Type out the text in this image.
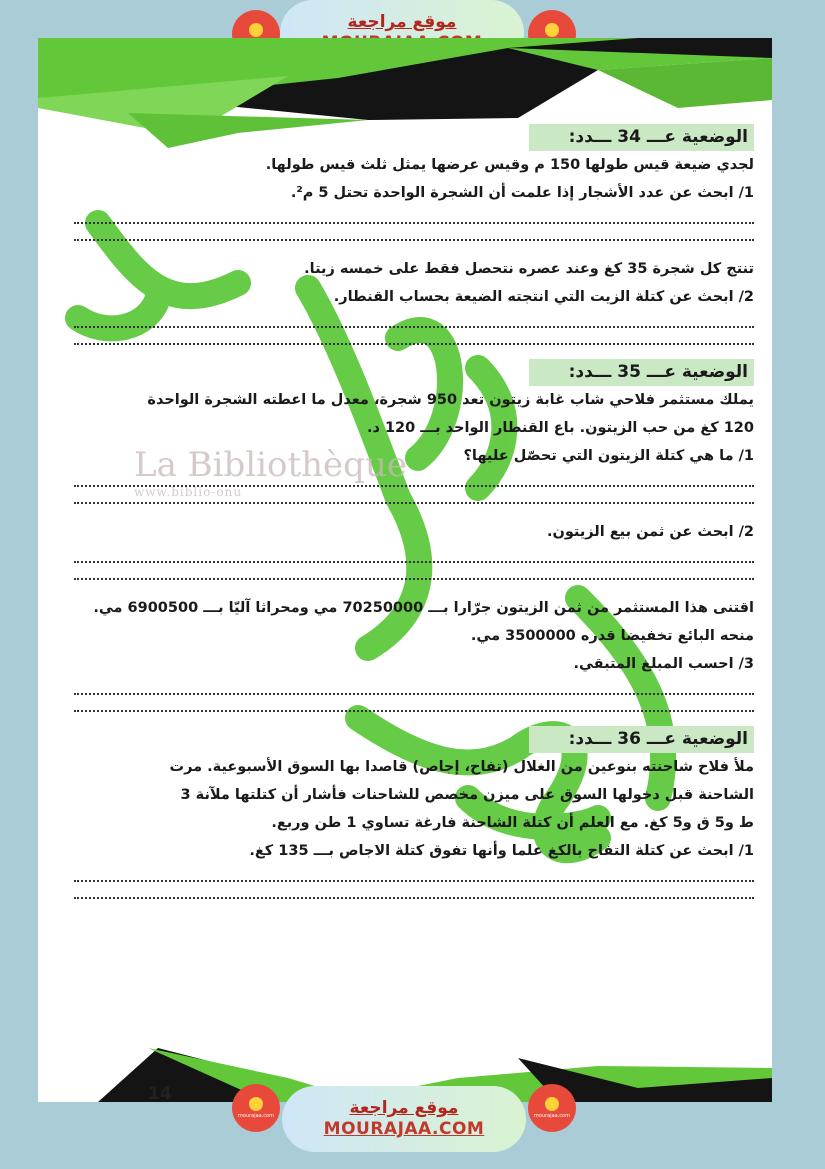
موقع مراجعة
La Bibliothèque
www.biblio-onu
الوضعية عـــ 34 ـــدد:
لجدي ضيعة قيس طولها 150 م وقيس عرضها يمثل ثلث قيس طولها.
1/ ابحث عن عدد الأشجار إذا علمت أن الشجرة الواحدة تحتل 5 م².
تنتج كل شجرة 35 كغ وعند عصره نتحصل فقط على خمسه زيتا.
2/ ابحث عن كتلة الزيت التي انتجته الضيعة بحساب القنطار.
الوضعية عـــ 35 ـــدد:
يملك مستثمر فلاحي شاب غابة زيتون تعد 950 شجرة، معدل ما اعطته الشجرة الواحدة
120 كغ من حب الزيتون. باع القنطار الواحد بـــ 120 د.
1/ ما هي كتلة الزيتون التي تحصّل عليها؟
2/ ابحث عن ثمن بيع الزيتون.
اقتنى هذا المستثمر من ثمن الزيتون جرّارا بـــ 70250000 مي ومحراثا آليّا بـــ 6900500 مي.
منحه البائع تخفيضا قدره 3500000 مي.
3/ احسب المبلغ المتبقي.
الوضعية عـــ 36 ـــدد:
ملأ فلاح شاحنته بنوعين من الغلال (تفاح، إجاص) قاصدا بها السوق الأسبوعية. مرت
الشاحنة قبل دخولها السوق على ميزن مخصص للشاحنات فأشار أن كتلتها ملآنة 3
ط و5 ق و5 كغ. مع العلم أن كتلة الشاحنة فارغة تساوي 1 طن وربع.
1/ ابحث عن كتلة التفاح بالكغ علما وأنها تفوق كتلة الاجاص بـــ 135 كغ.
14
mourajaa.com	موقع مراجعة
MOURAJAA.COM
mourajaa.com
